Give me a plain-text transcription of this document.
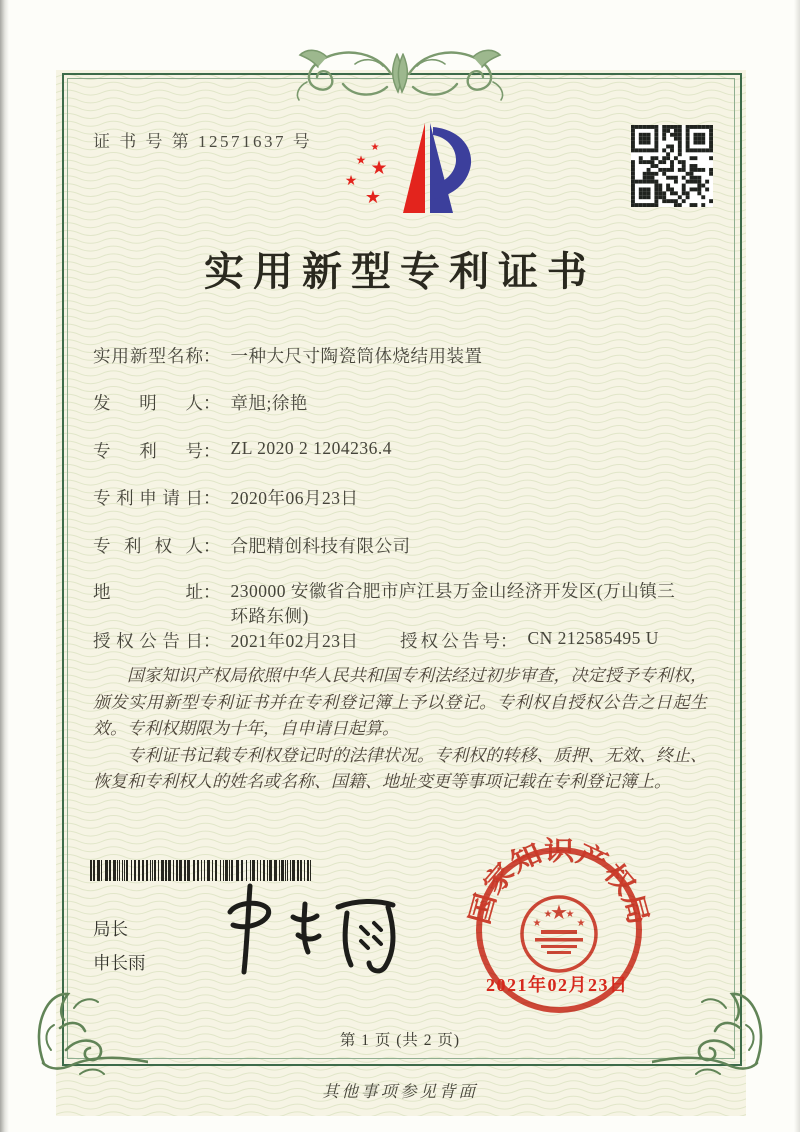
证 书 号 第 12571637 号	★
★ ★
★
★
实用新型专利证书
实用新型名称： 一种大尺寸陶瓷筒体烧结用装置
发明人： 章旭;徐艳
专利号： ZL 2020 2 1204236.4
专利申请日： 2020年06月23日
专利权人： 合肥精创科技有限公司
地址： 230000 安徽省合肥市庐江县万金山经济开发区(万山镇三环路东侧)
授权公告日： 2021年02月23日 授权公告号： CN 212585495 U

国家知识产权局依照中华人民共和国专利法经过初步审查，决定授予专利权，颁发实用新型专利证书并在专利登记簿上予以登记。专利权自授权公告之日起生效。专利权期限为十年，自申请日起算。

专利证书记载专利权登记时的法律状况。专利权的转移、质押、无效、终止、恢复和专利权人的姓名或名称、国籍、地址变更等事项记载在专利登记簿上。

局长
申长雨
国家知识产权局
★
★
★ ★
★
2021年02月23日
第 1 页 (共 2 页)
其他事项参见背面
